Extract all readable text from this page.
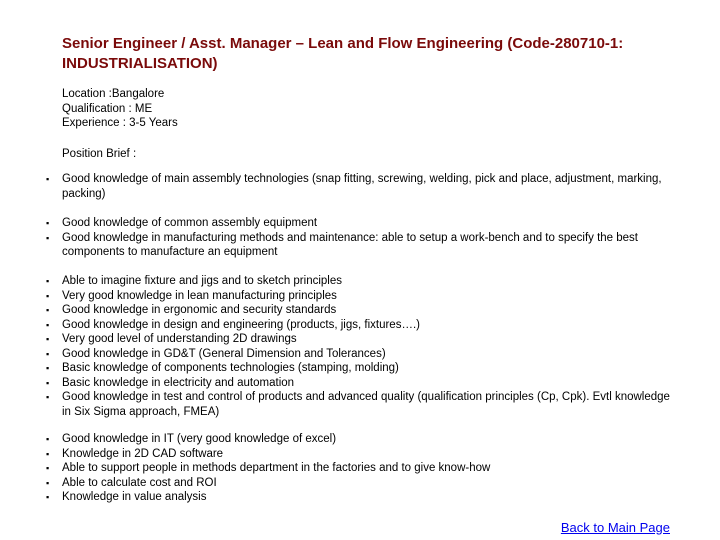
Senior Engineer / Asst. Manager – Lean and Flow Engineering (Code-280710-1: INDUSTRIALISATION)
Location :Bangalore
Qualification : ME
Experience : 3-5 Years
Position Brief :
▪ Good knowledge of main assembly technologies (snap fitting, screwing, welding, pick and place, adjustment, marking, packing)
▪ Good knowledge of common assembly equipment
▪ Good knowledge in manufacturing methods and maintenance: able to setup a work-bench and to specify the best components to manufacture an equipment
▪ Able to imagine fixture and jigs and to sketch principles
▪ Very good knowledge in lean manufacturing principles
▪ Good knowledge in ergonomic and security standards
▪ Good knowledge in design and engineering (products, jigs, fixtures….)
▪ Very good level of understanding 2D drawings
▪ Good knowledge in GD&T (General Dimension and Tolerances)
▪ Basic knowledge of components technologies (stamping, molding)
▪ Basic knowledge in electricity and automation
▪ Good knowledge in test and control of products and advanced quality (qualification principles (Cp, Cpk). Evtl knowledge in Six Sigma approach, FMEA)
▪ Good knowledge in IT (very good knowledge of excel)
▪ Knowledge in 2D CAD software
▪ Able to support people in methods department in the factories and to give know-how
▪ Able to calculate cost and ROI
▪ Knowledge in value analysis
Back to Main Page
